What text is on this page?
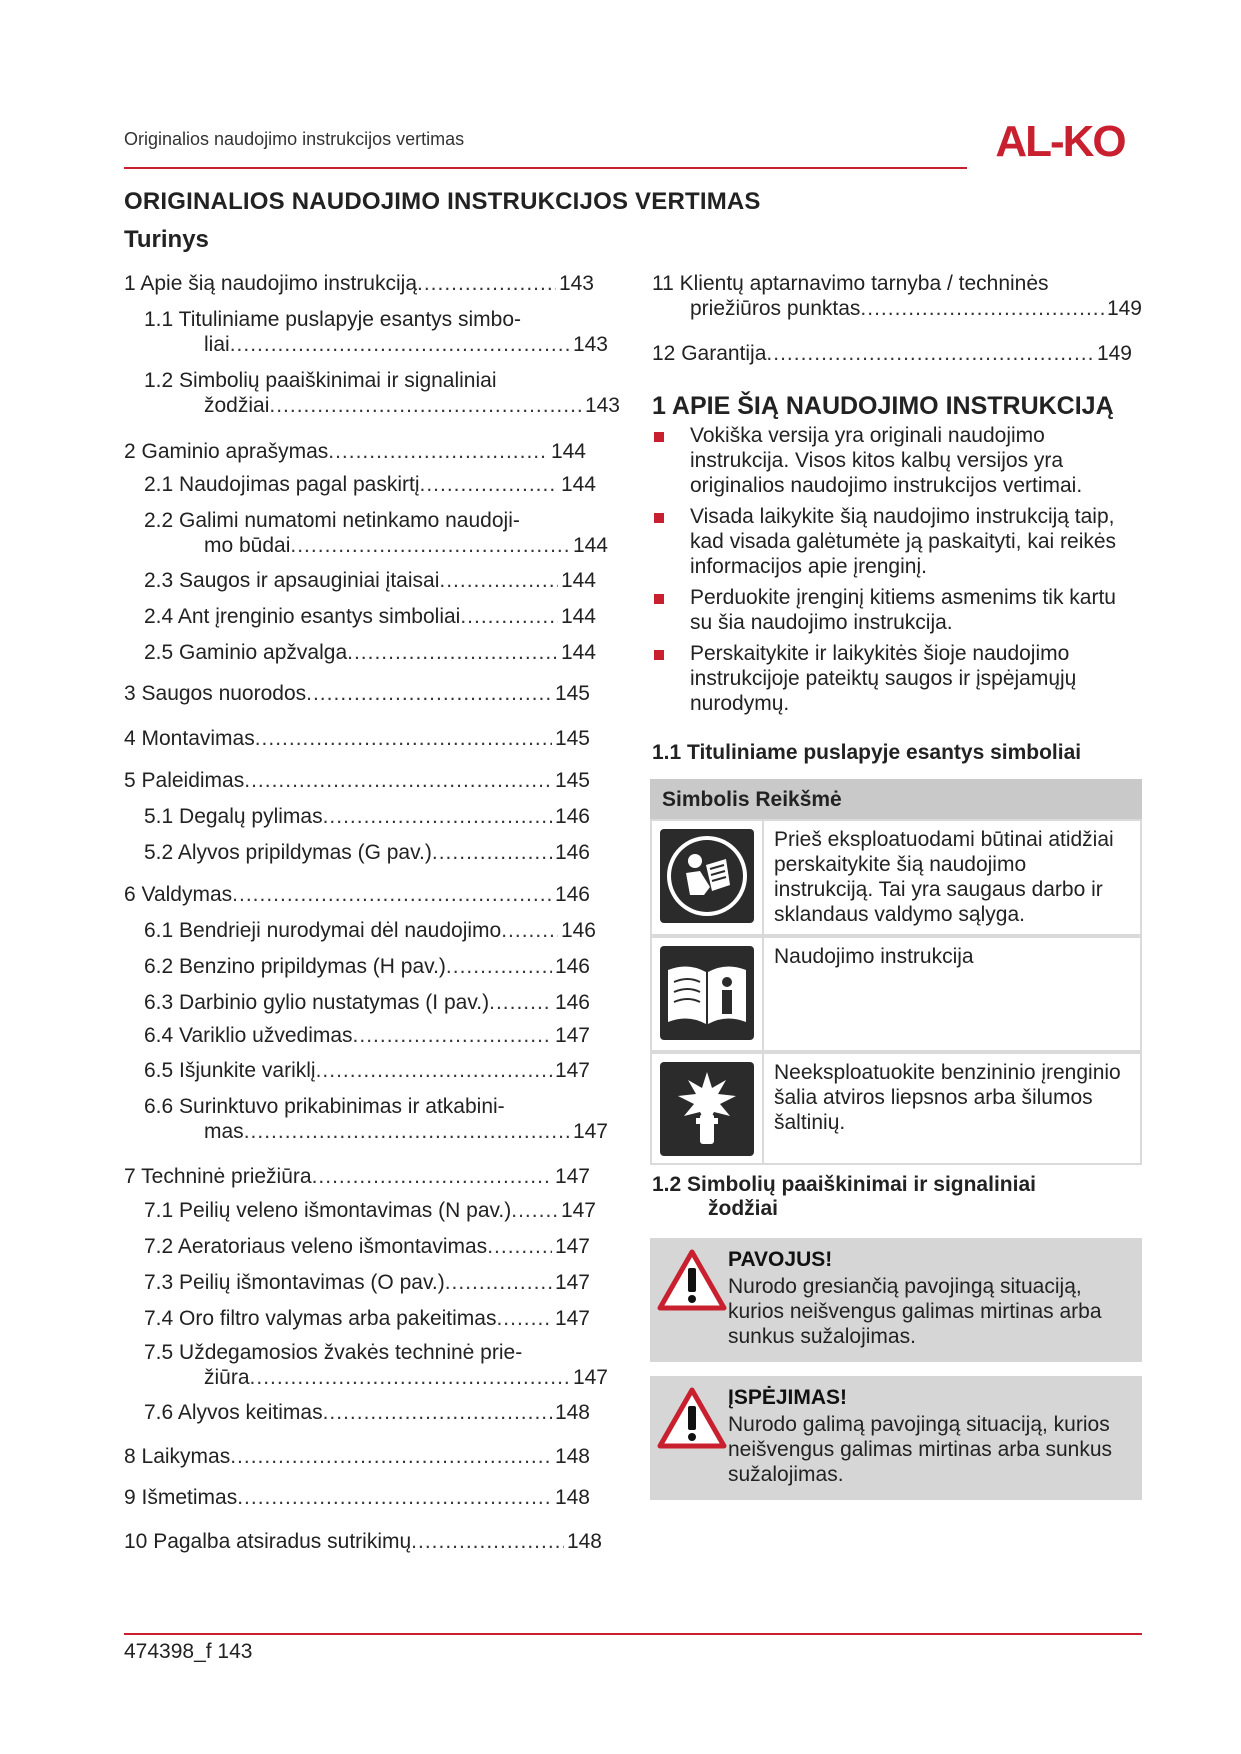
Originalios naudojimo instrukcijos vertimas	AL-KO
ORIGINALIOS NAUDOJIMO INSTRUKCIJOS VERTIMAS
Turinys
1 Apie šią naudojimo instrukciją .....	143
1.1 Tituliniame puslapyje esantys simbo-
liai .....	143
1.2 Simbolių paaiškinimai ir signaliniai
žodžiai .....	143
2 Gaminio aprašymas .....	144
2.1 Naudojimas pagal paskirtį .....	144
2.2 Galimi numatomi netinkamo naudoji-
mo būdai .....	144
2.3 Saugos ir apsauginiai įtaisai .....	144
2.4 Ant įrenginio esantys simboliai .....	144
2.5 Gaminio apžvalga .....	144
3 Saugos nuorodos .....	145
4 Montavimas .....	145
5 Paleidimas .....	145
5.1 Degalų pylimas .....	146
5.2 Alyvos pripildymas (G pav.) .....	146
6 Valdymas .....	146
6.1 Bendrieji nurodymai dėl naudojimo .....	146
6.2 Benzino pripildymas (H pav.) .....	146
6.3 Darbinio gylio nustatymas (I pav.) .....	146
6.4 Variklio užvedimas .....	147
6.5 Išjunkite variklį .....	147
6.6 Surinktuvo prikabinimas ir atkabini-
mas .....	147
7 Techninė priežiūra .....	147
7.1 Peilių veleno išmontavimas (N pav.) ..... 147
7.2 Aeratoriaus veleno išmontavimas .....	147
7.3 Peilių išmontavimas (O pav.) .....	147
7.4 Oro filtro valymas arba pakeitimas .....	147
7.5 Uždegamosios žvakės techninė prie-
žiūra .....	147
7.6 Alyvos keitimas .....	148
8 Laikymas .....	148
9 Išmetimas .....	148
10 Pagalba atsiradus sutrikimų .....	148
11 Klientų aptarnavimo tarnyba / techninės
priežiūros punktas .....	149
12 Garantija .....	149
1 APIE ŠIĄ NAUDOJIMO INSTRUKCIJĄ
Vokiška versija yra originali naudojimo instrukcija. Visos kitos kalbų versijos yra originalios naudojimo instrukcijos vertimai.
Visada laikykite šią naudojimo instrukciją taip, kad visada galėtumėte ją paskaityti, kai reikės informacijos apie įrenginį.
Perduokite įrenginį kitiems asmenims tik kartu su šia naudojimo instrukcija.
Perskaitykite ir laikykitės šioje naudojimo instrukcijoje pateiktų saugos ir įspėjamųjų nurodymų.
1.1 Tituliniame puslapyje esantys simboliai
Simbolis Reikšmė
Prieš eksploatuodami būtinai atidžiai perskaitykite šią naudojimo instrukciją. Tai yra saugaus darbo ir sklandaus valdymo sąlyga.
Naudojimo instrukcija
Neeksploatuokite benzininio įrenginio šalia atviros liepsnos arba šilumos šaltinių.
1.2 Simbolių paaiškinimai ir signaliniai
žodžiai
PAVOJUS!
Nurodo gresiančią pavojingą situaciją, kurios neišvengus galimas mirtinas arba sunkus sužalojimas.
ĮSPĖJIMAS!
Nurodo galimą pavojingą situaciją, kurios neišvengus galimas mirtinas arba sunkus sužalojimas.
474398_f 143
